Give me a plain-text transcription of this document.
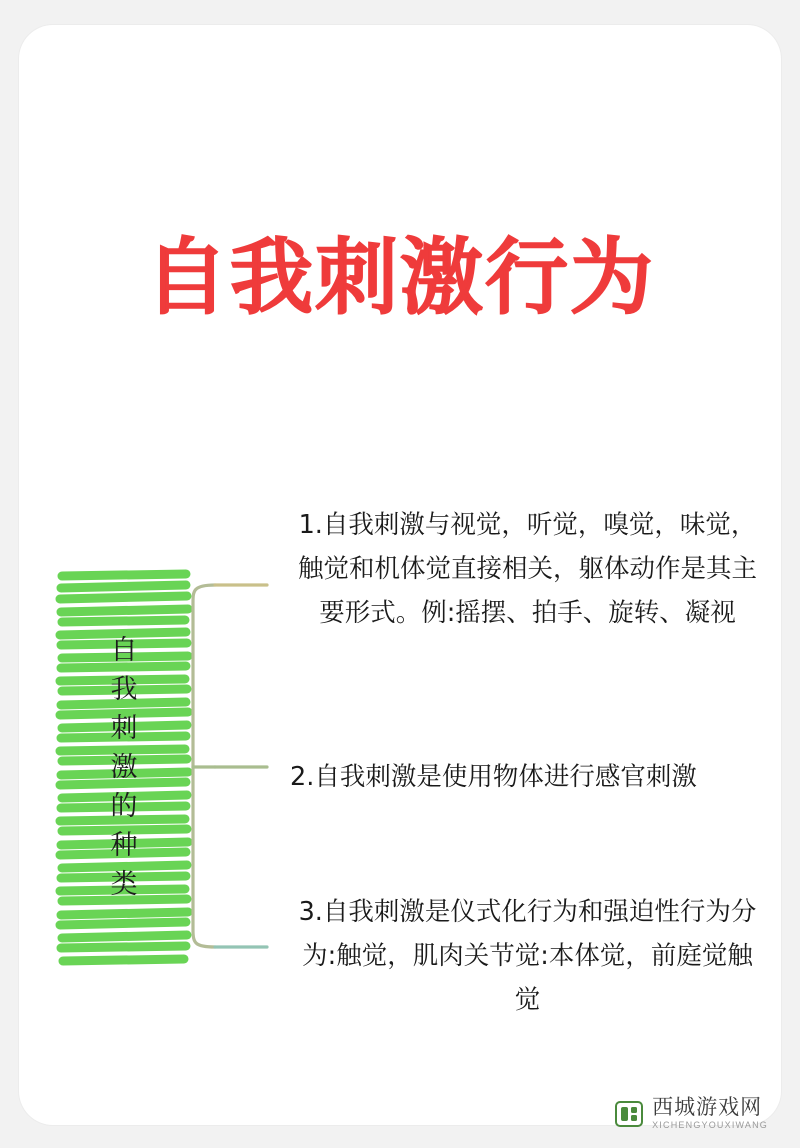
自我刺激行为
自
我
刺
激
的
种
类
1.自我刺激与视觉，听觉，嗅觉，味觉，触觉和机体觉直接相关，躯体动作是其主要形式。例:摇摆、拍手、旋转、凝视
2.自我刺激是使用物体进行感官刺激
3.自我刺激是仪式化行为和强迫性行为分为:触觉，肌肉关节觉:本体觉，前庭觉触觉
西城游戏网
XICHENGYOUXIWANG
